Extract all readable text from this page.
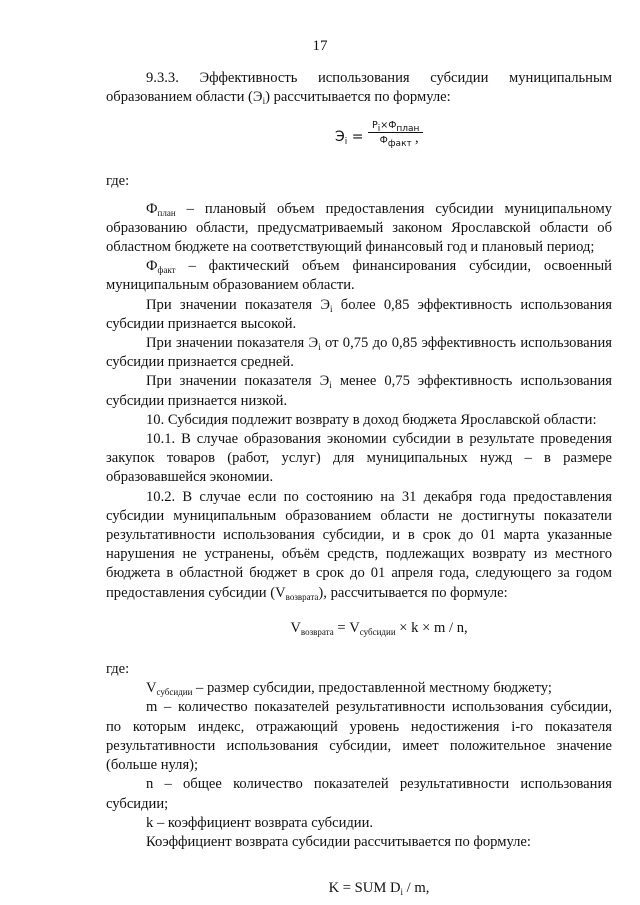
17

9.3.3. Эффективность использования субсидии муниципальным образованием области $(Э_i)$ рассчитывается по формуле:

$Э_i$ =
Pi×Фплан
Ффакт ,

где:

$Ф_{план}$ – плановый объем предоставления субсидии муниципальному образованию области, предусматриваемый законом Ярославской области об областном бюджете на соответствующий финансовый год и плановый период;

$Ф_{факт}$ – фактический объем финансирования субсидии, освоенный муниципальным образованием области.

При значении показателя $Э_i$ более 0,85 эффективность использования субсидии признается высокой.

При значении показателя $Э_i$ от 0,75 до 0,85 эффективность использования субсидии признается средней.

При значении показателя $Э_i$ менее 0,75 эффективность использования субсидии признается низкой.

10. Субсидия подлежит возврату в доход бюджета Ярославской области:

10.1. В случае образования экономии субсидии в результате проведения закупок товаров (работ, услуг) для муниципальных нужд – в размере образовавшейся экономии.

10.2. В случае если по состоянию на 31 декабря года предоставления субсидии муниципальным образованием области не достигнуты показатели результативности использования субсидии, и в срок до 01 марта указанные нарушения не устранены, объём средств, подлежащих возврату из местного бюджета в областной бюджет в срок до 01 апреля года, следующего за годом предоставления субсидии $(V_{возврата})$, рассчитывается по формуле:

$V_{возврата} = V_{субсидии} \times k \times m / n$,

где:

$V_{субсидии}$ – размер субсидии, предоставленной местному бюджету;

m – количество показателей результативности использования субсидии, по которым индекс, отражающий уровень недостижения i-го показателя результативности использования субсидии, имеет положительное значение (больше нуля);

n – общее количество показателей результативности использования субсидии;

k – коэффициент возврата субсидии.

Коэффициент возврата субсидии рассчитывается по формуле:

K = SUM $D_i$ / m,
